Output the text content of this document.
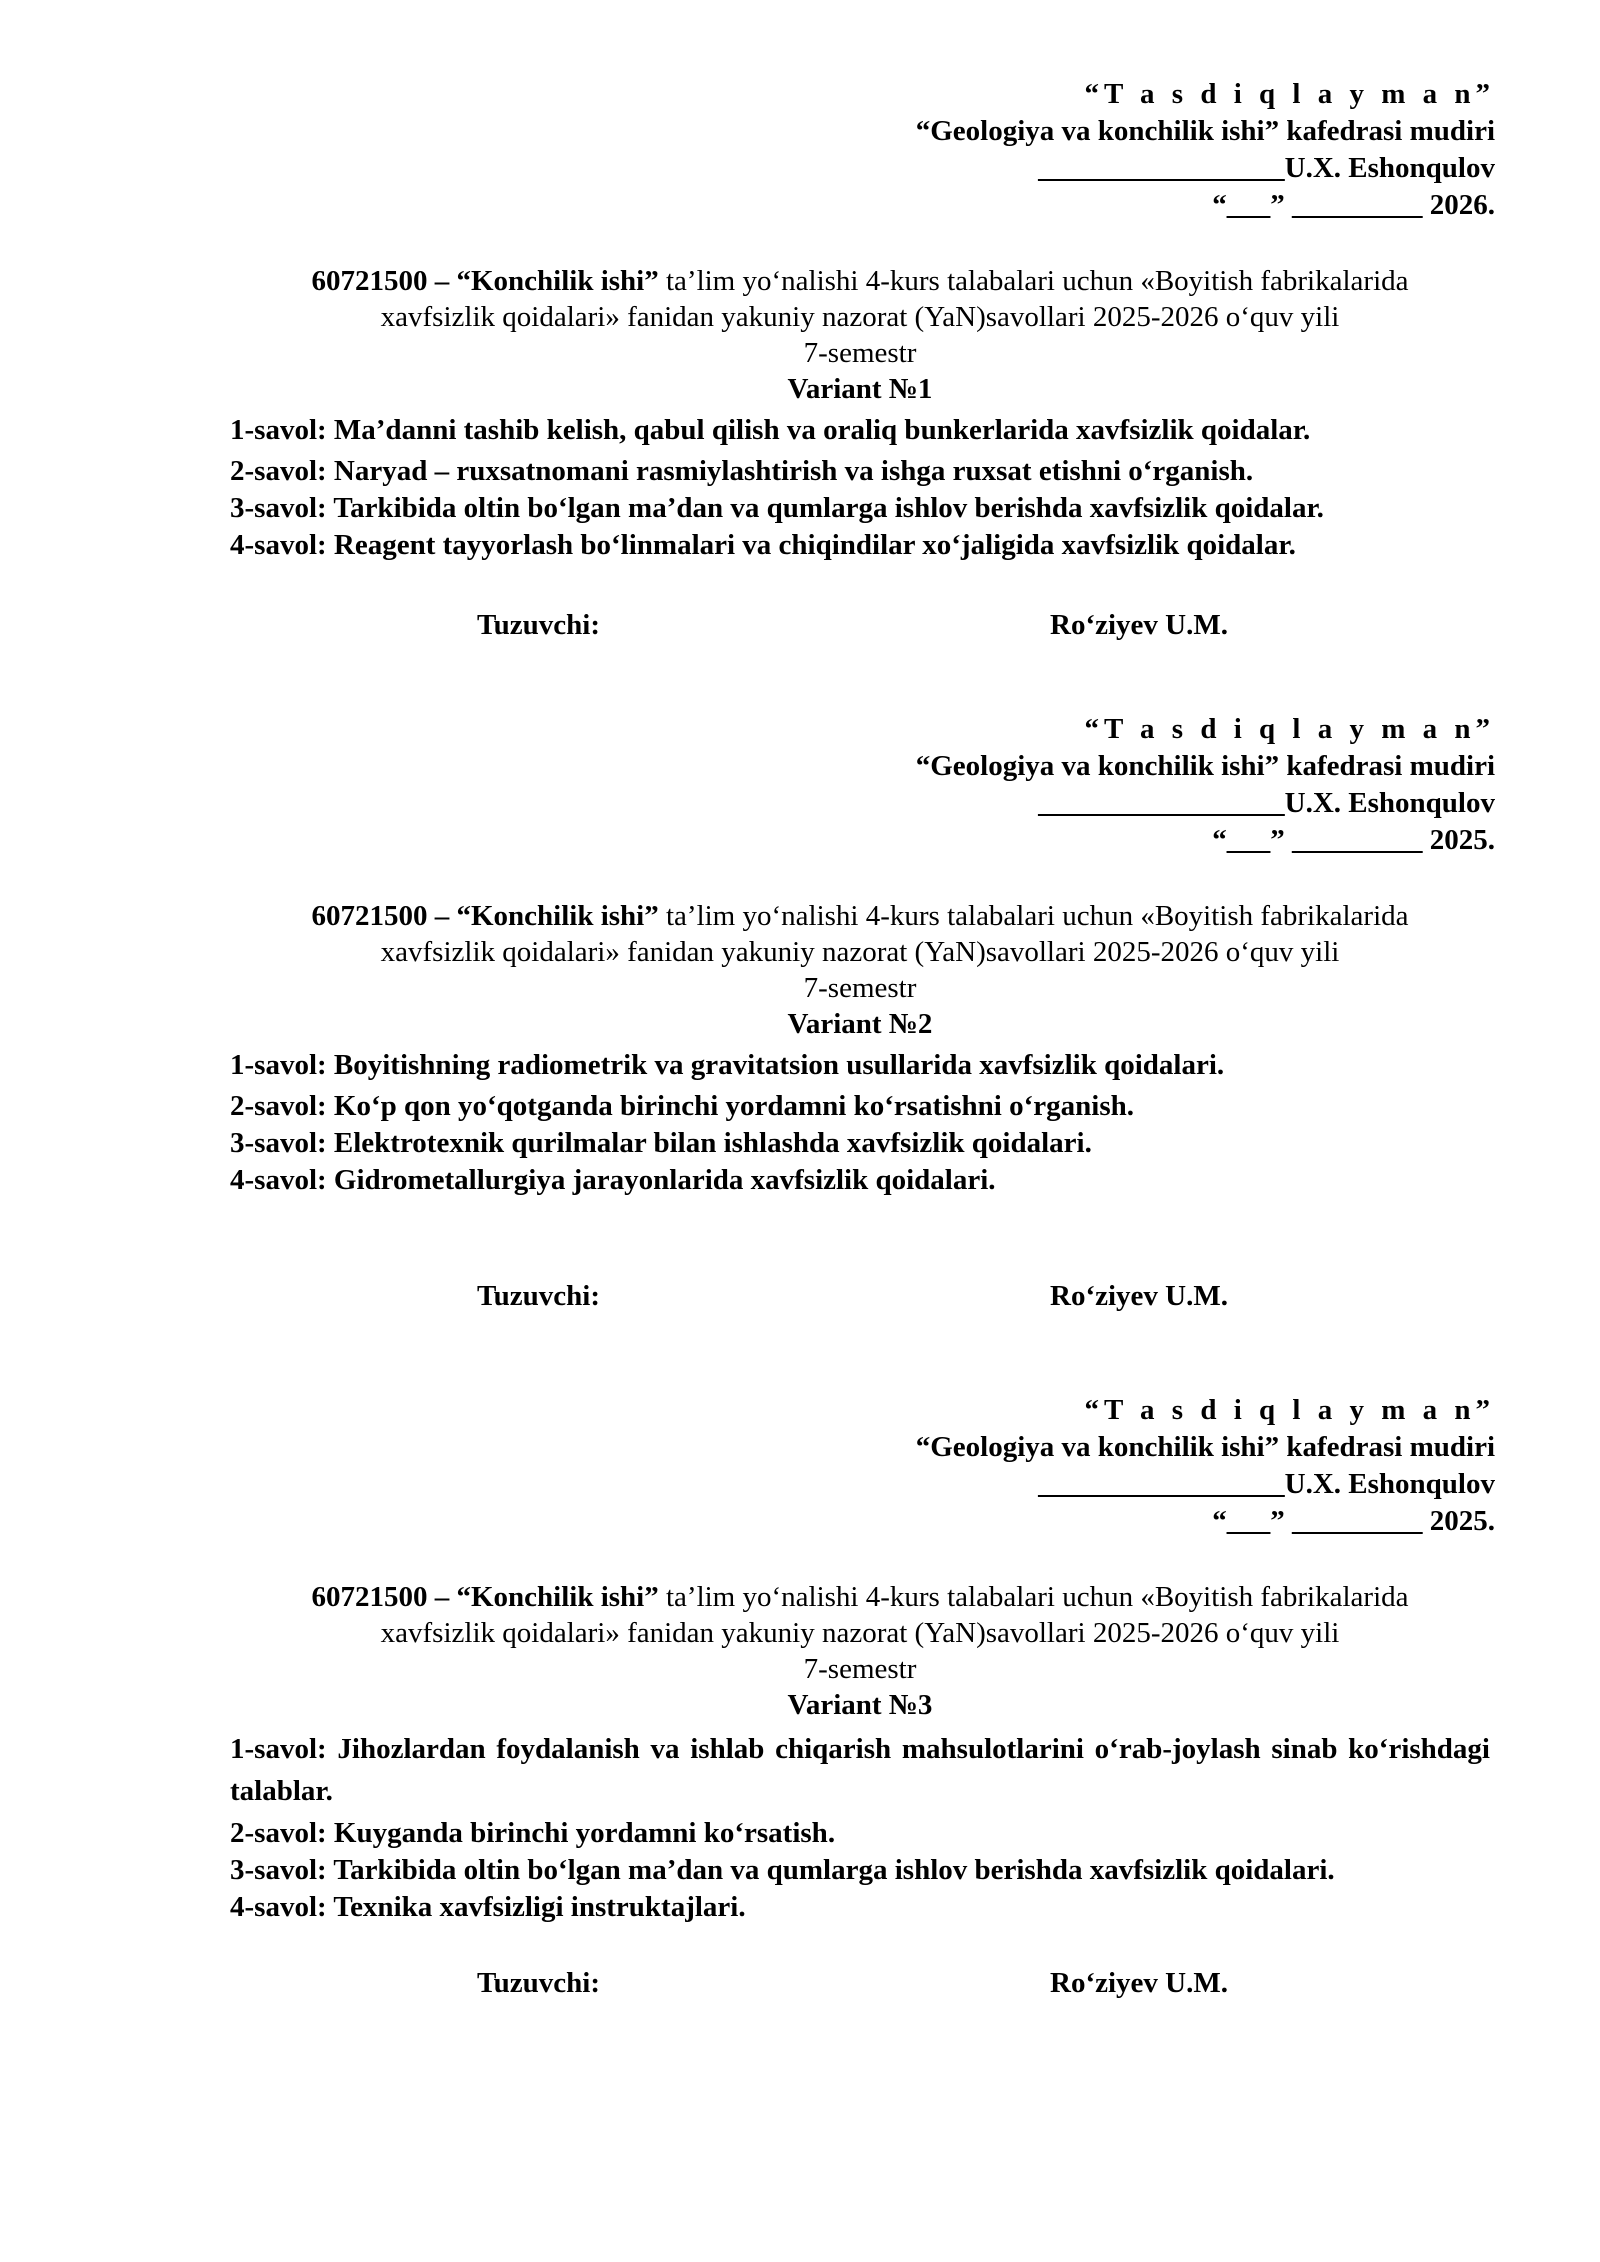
“T a s d i q l a y m a n”
“Geologiya va konchilik ishi” kafedrasi mudiri
_________________U.X. Eshonqulov
“___” _________ 2026.
60721500 – “Konchilik ishi” ta’lim yo‘nalishi 4-kurs talabalari uchun «Boyitish fabrikalarida
xavfsizlik qoidalari» fanidan yakuniy nazorat (YaN)savollari 2025-2026 o‘quv yili
7-semestr
Variant №1
1-savol: Ma’danni tashib kelish, qabul qilish va oraliq bunkerlarida xavfsizlik qoidalar.
2-savol: Naryad – ruxsatnomani rasmiylashtirish va ishga ruxsat etishni o‘rganish.
3-savol: Tarkibida oltin bo‘lgan ma’dan va qumlarga ishlov berishda xavfsizlik qoidalar.
4-savol: Reagent tayyorlash bo‘linmalari va chiqindilar xo‘jaligida xavfsizlik qoidalar.
Tuzuvchi:	Ro‘ziyev U.M.
“T a s d i q l a y m a n”
“Geologiya va konchilik ishi” kafedrasi mudiri
_________________U.X. Eshonqulov
“___” _________ 2025.
60721500 – “Konchilik ishi” ta’lim yo‘nalishi 4-kurs talabalari uchun «Boyitish fabrikalarida
xavfsizlik qoidalari» fanidan yakuniy nazorat (YaN)savollari 2025-2026 o‘quv yili
7-semestr
Variant №2
1-savol: Boyitishning radiometrik va gravitatsion usullarida xavfsizlik qoidalari.
2-savol: Ko‘p qon yo‘qotganda birinchi yordamni ko‘rsatishni o‘rganish.
3-savol: Elektrotexnik qurilmalar bilan ishlashda xavfsizlik qoidalari.
4-savol: Gidrometallurgiya jarayonlarida xavfsizlik qoidalari.
Tuzuvchi:	Ro‘ziyev U.M.
“T a s d i q l a y m a n”
“Geologiya va konchilik ishi” kafedrasi mudiri
_________________U.X. Eshonqulov
“___” _________ 2025.
60721500 – “Konchilik ishi” ta’lim yo‘nalishi 4-kurs talabalari uchun «Boyitish fabrikalarida
xavfsizlik qoidalari» fanidan yakuniy nazorat (YaN)savollari 2025-2026 o‘quv yili
7-semestr
Variant №3
1-savol: Jihozlardan foydalanish va ishlab chiqarish mahsulotlarini o‘rab-joylash sinab ko‘rishdagi talablar.
2-savol: Kuyganda birinchi yordamni ko‘rsatish.
3-savol: Tarkibida oltin bo‘lgan ma’dan va qumlarga ishlov berishda xavfsizlik qoidalari.
4-savol: Texnika xavfsizligi instruktajlari.
Tuzuvchi:	Ro‘ziyev U.M.
